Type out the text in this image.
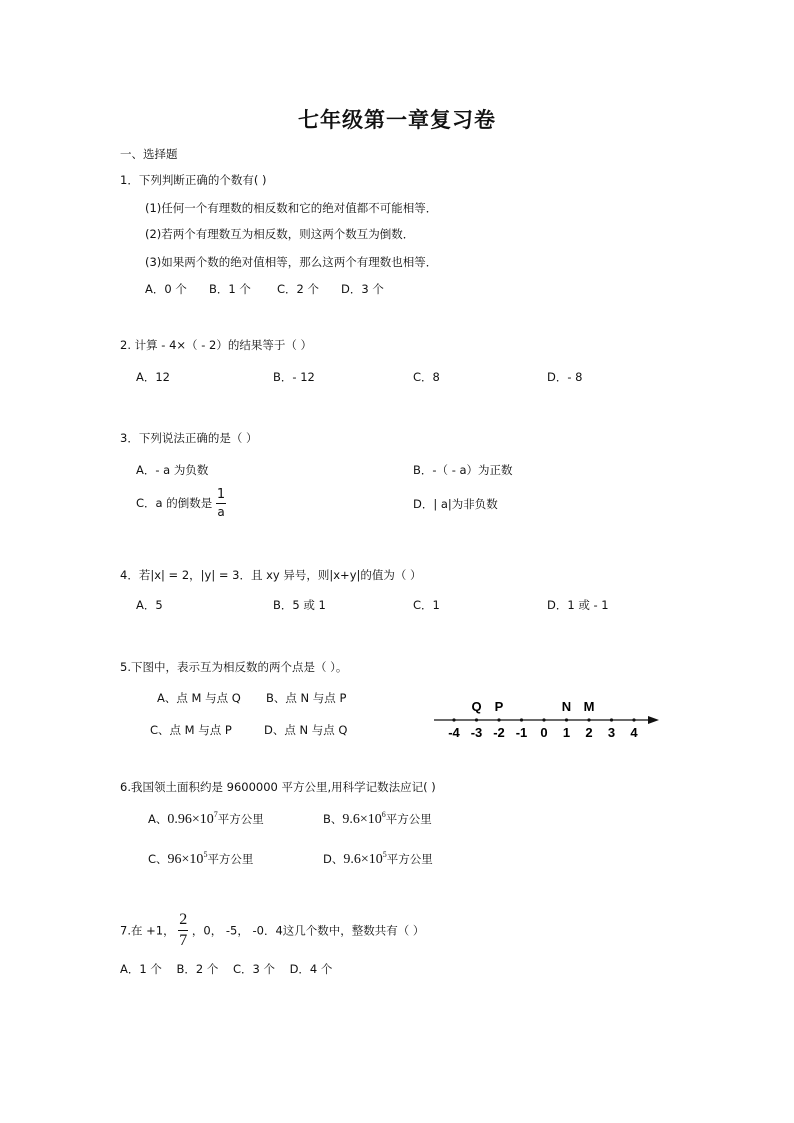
七年级第一章复习卷
一、选择题
1．下列判断正确的个数有( )
(1)任何一个有理数的相反数和它的绝对值都不可能相等．
(2)若两个有理数互为相反数，则这两个数互为倒数．
(3)如果两个数的绝对值相等，那么这两个有理数也相等．
A．0 个 B．1 个 C．2 个 D．3 个
2. 计算 - 4×（ - 2）的结果等于（ ）
A．12	B．- 12	C．8	D．- 8
3．下列说法正确的是（ ）
A．- a 为负数	B．-（ - a）为正数
C．a 的倒数是 $\frac{1}{a}$	D．| a|为非负数
4．若|x| = 2，|y| = 3．且 xy 异号，则|x+y|的值为（ ）
A．5	B．5 或 1	C．1	D．1 或 - 1
5.下图中，表示互为相反数的两个点是（ ）。
A、点 M 与点 Q B、点 N 与点 P
C、点 M 与点 P	D、点 N 与点 Q	-4 -3 -2 -1 0 1 2 3 4
Q P	N M
6.我国领土面积约是 9600000 平方公里,用科学记数法应记( )
A、$0.96\times 10^7$平方公里	B、$9.6\times 10^6$平方公里
C、$96\times 10^5$平方公里	D、$9.6\times 10^5$平方公里
7.在 +1， $\frac{2}{7}$ ，0， -5， -0．4这几个数中，整数共有（ ）
A．1 个    B．2 个    C．3 个    D．4 个
